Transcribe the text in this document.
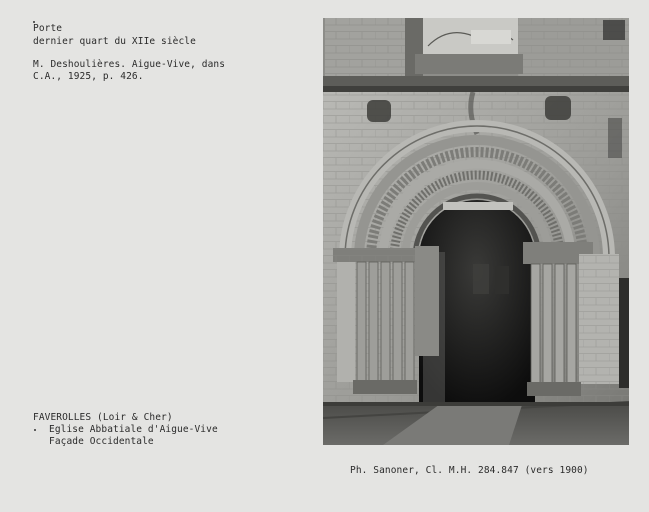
Porte
dernier quart du XIIe siècle
M. Deshoulières. Aigue-Vive, dans
C.A., 1925, p. 426.
FAVEROLLES (Loir & Cher)
Eglise Abbatiale d'Aigue-Vive
Façade Occidentale
Ph. Sanoner, Cl. M.H. 284.847 (vers 1900)
